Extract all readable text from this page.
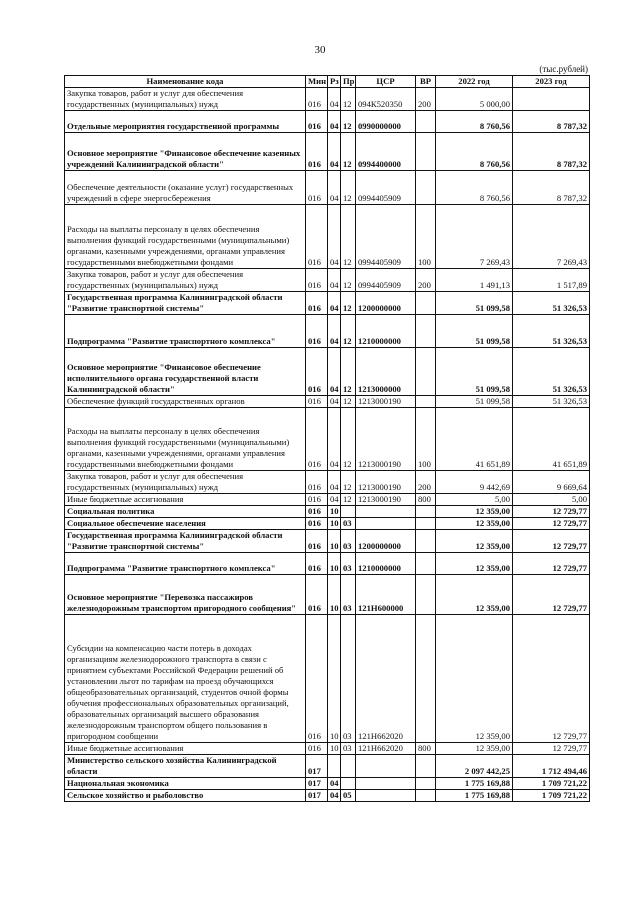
30
(тыс.рублей)
Наименование кода	Мин	Рз	Пр	ЦСР	ВР	2022 год	2023 год
Закупка товаров, работ и услуг для обеспечения государственных (муниципальных) нужд	016	04	12	094К520350	200	5 000,00	
Отдельные мероприятия государственной программы	016	04	12	0990000000		8 760,56	8 787,32
Основное мероприятие "Финансовое обеспечение казенных учреждений Калининградской области"	016	04	12	0994400000		8 760,56	8 787,32
Обеспечение деятельности (оказание услуг) государственных учреждений в сфере энергосбережения	016	04	12	0994405909		8 760,56	8 787,32
Расходы на выплаты персоналу в целях обеспечения выполнения функций государственными (муниципальными) органами, казенными учреждениями, органами управления государственными внебюджетными фондами	016	04	12	0994405909	100	7 269,43	7 269,43
Закупка товаров, работ и услуг для обеспечения государственных (муниципальных) нужд	016	04	12	0994405909	200	1 491,13	1 517,89
Государственная программа Калининградской области "Развитие транспортной системы"	016	04	12	1200000000		51 099,58	51 326,53
Подпрограмма "Развитие транспортного комплекса"	016	04	12	1210000000		51 099,58	51 326,53
Основное мероприятие "Финансовое обеспечение исполнительного органа государственной власти Калининградской области"	016	04	12	1213000000		51 099,58	51 326,53
Обеспечение функций государственных органов	016	04	12	1213000190		51 099,58	51 326,53
Расходы на выплаты персоналу в целях обеспечения выполнения функций государственными (муниципальными) органами, казенными учреждениями, органами управления государственными внебюджетными фондами	016	04	12	1213000190	100	41 651,89	41 651,89
Закупка товаров, работ и услуг для обеспечения государственных (муниципальных) нужд	016	04	12	1213000190	200	9 442,69	9 669,64
Иные бюджетные ассигнования	016	04	12	1213000190	800	5,00	5,00
Социальная политика	016	10				12 359,00	12 729,77
Социальное обеспечение населения	016	10	03			12 359,00	12 729,77
Государственная программа Калининградской области "Развитие транспортной системы"	016	10	03	1200000000		12 359,00	12 729,77
Подпрограмма "Развитие транспортного комплекса"	016	10	03	1210000000		12 359,00	12 729,77
Основное мероприятие "Перевозка пассажиров железнодорожным транспортом пригородного сообщения"	016	10	03	121Н600000		12 359,00	12 729,77
Субсидии на компенсацию части потерь в доходах организациям железнодорожного транспорта в связи с принятием субъектами Российской Федерации решений об установлении льгот по тарифам на проезд обучающихся общеобразовательных организаций, студентов очной формы обучения профессиональных образовательных организаций, образовательных организаций высшего образования железнодорожным транспортом общего пользования в пригородном сообщении	016	10	03	121Н662020		12 359,00	12 729,77
Иные бюджетные ассигнования	016	10	03	121Н662020	800	12 359,00	12 729,77
Министерство сельского хозяйства Калининградской области	017					2 097 442,25	1 712 494,46
Национальная экономика	017	04				1 775 169,88	1 709 721,22
Сельское хозяйство и рыболовство	017	04	05			1 775 169,88	1 709 721,22
